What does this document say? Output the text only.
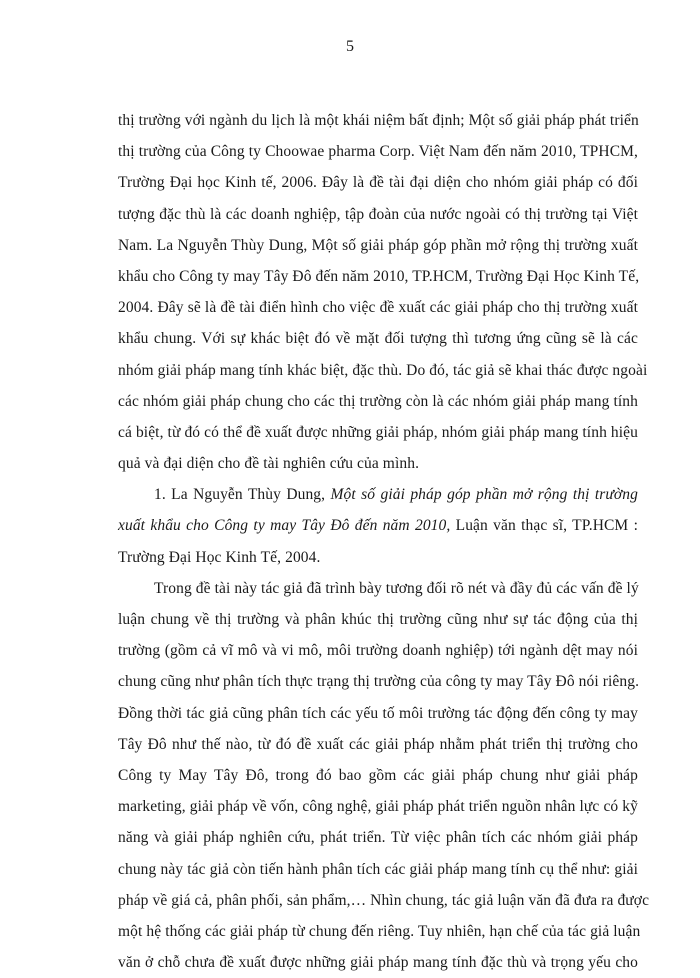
5
thị trường với ngành du lịch là một khái niệm bất định; Một số giải pháp phát triển
thị trường của Công ty Choowae pharma Corp. Việt Nam đến năm 2010, TPHCM,
Trường Đại học Kinh tế, 2006. Đây là đề tài đại diện cho nhóm giải pháp có đối
tượng đặc thù là các doanh nghiệp, tập đoàn của nước ngoài có thị trường tại Việt
Nam. La Nguyễn Thùy Dung, Một số giải pháp góp phần mở rộng thị trường xuất
khẩu cho Công ty may Tây Đô đến năm 2010, TP.HCM, Trường Đại Học Kinh Tế,
2004. Đây sẽ là đề tài điển hình cho việc đề xuất các giải pháp cho thị trường xuất
khẩu chung. Với sự khác biệt đó về mặt đối tượng thì tương ứng cũng sẽ là các
nhóm giải pháp mang tính khác biệt, đặc thù. Do đó, tác giả sẽ khai thác được ngoài
các nhóm giải pháp chung cho các thị trường còn là các nhóm giải pháp mang tính
cá biệt, từ đó có thể đề xuất được những giải pháp, nhóm giải pháp mang tính hiệu
quả và đại diện cho đề tài nghiên cứu của mình.
1. La Nguyễn Thùy Dung, Một số giải pháp góp phần mở rộng thị trường
xuất khẩu cho Công ty may Tây Đô đến năm 2010, Luận văn thạc sĩ, TP.HCM :
Trường Đại Học Kinh Tế, 2004.
Trong đề tài này tác giả đã trình bày tương đối rõ nét và đầy đủ các vấn đề lý
luận chung về thị trường và phân khúc thị trường cũng như sự tác động của thị
trường (gồm cả vĩ mô và vi mô, môi trường doanh nghiệp) tới ngành dệt may nói
chung cũng như phân tích thực trạng thị trường của công ty may Tây Đô nói riêng.
Đồng thời tác giả cũng phân tích các yếu tố môi trường tác động đến công ty may
Tây Đô như thế nào, từ đó đề xuất các giải pháp nhằm phát triển thị trường cho
Công ty May Tây Đô, trong đó bao gồm các giải pháp chung như giải pháp
marketing, giải pháp về vốn, công nghệ, giải pháp phát triển nguồn nhân lực có kỹ
năng và giải pháp nghiên cứu, phát triển. Từ việc phân tích các nhóm giải pháp
chung này tác giả còn tiến hành phân tích các giải pháp mang tính cụ thể như: giải
pháp về giá cả, phân phối, sản phẩm,… Nhìn chung, tác giả luận văn đã đưa ra được
một hệ thống các giải pháp từ chung đến riêng. Tuy nhiên, hạn chế của tác giả luận
văn ở chỗ chưa đề xuất được những giải pháp mang tính đặc thù và trọng yếu cho
